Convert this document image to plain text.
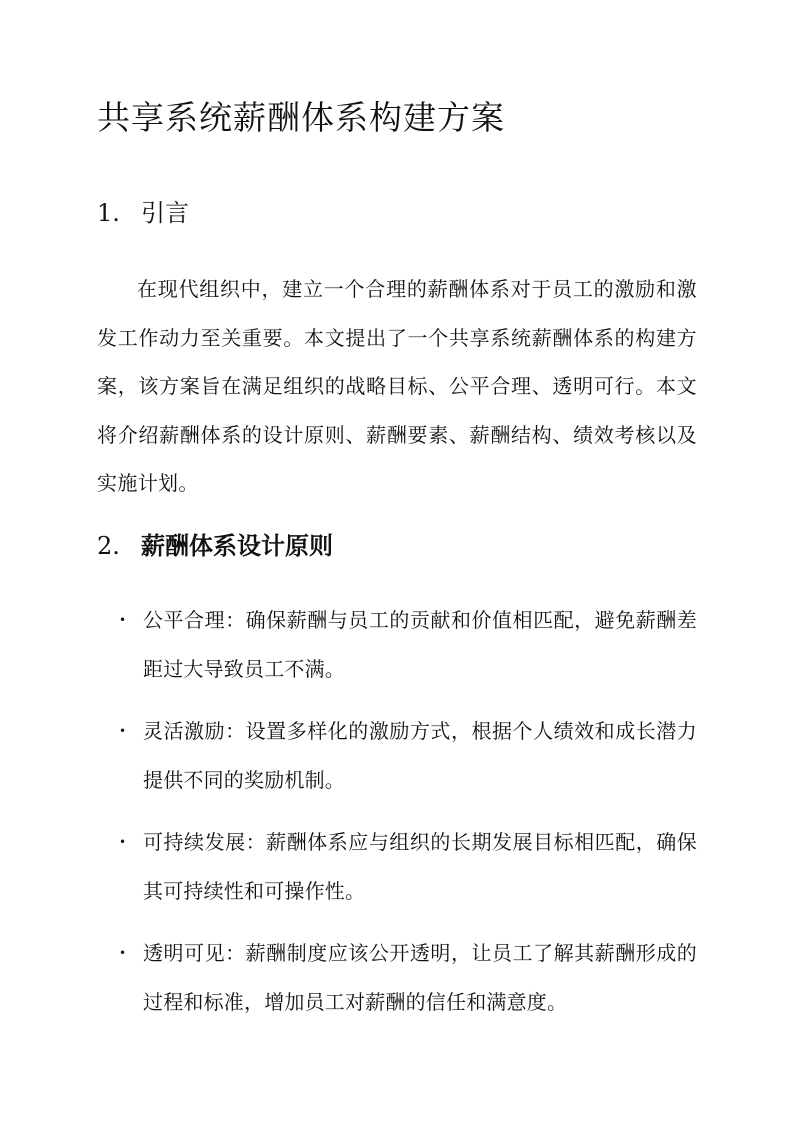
共享系统薪酬体系构建方案
1. 引言

在现代组织中，建立一个合理的薪酬体系对于员工的激励和激发工作动力至关重要。本文提出了一个共享系统薪酬体系的构建方案，该方案旨在满足组织的战略目标、公平合理、透明可行。本文将介绍薪酬体系的设计原则、薪酬要素、薪酬结构、绩效考核以及实施计划。

2. 薪酬体系设计原则
• 公平合理：确保薪酬与员工的贡献和价值相匹配，避免薪酬差距过大导致员工不满。
• 灵活激励：设置多样化的激励方式，根据个人绩效和成长潜力提供不同的奖励机制。
• 可持续发展：薪酬体系应与组织的长期发展目标相匹配，确保其可持续性和可操作性。
• 透明可见：薪酬制度应该公开透明，让员工了解其薪酬形成的过程和标准，增加员工对薪酬的信任和满意度。
